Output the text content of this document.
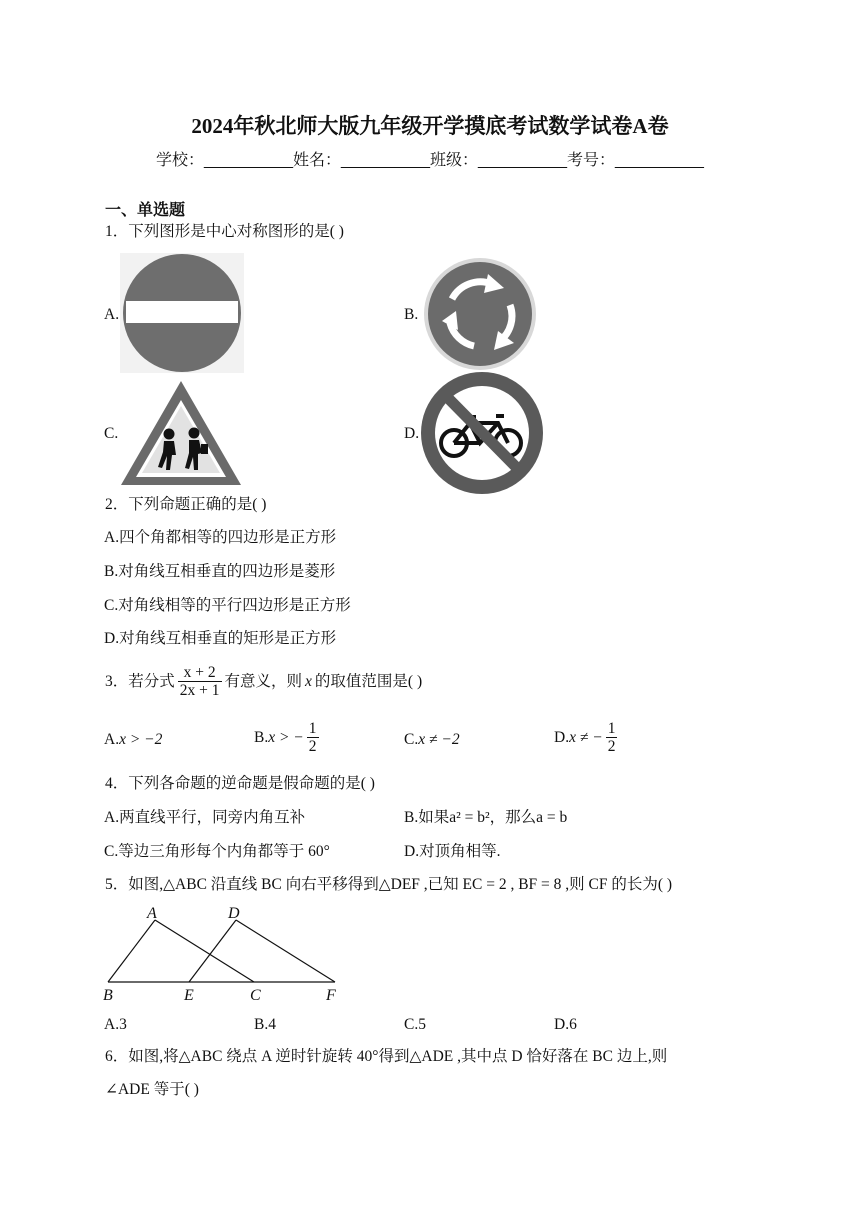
2024年秋北师大版九年级开学摸底考试数学试卷A卷
学校：__________姓名：__________班级：__________考号：__________
一、单选题
1．下列图形是中心对称图形的是( )
A.	B.
C.	D.
2．下列命题正确的是( )
A.四个角都相等的四边形是正方形
B.对角线互相垂直的四边形是菱形
C.对角线相等的平行四边形是正方形
D.对角线互相垂直的矩形是正方形
3．若分式 $\frac{x + 2}{2x + 1}$ 有意义，则 x 的取值范围是( )
A.x > −2	B. x > − $\frac{1}{2}$	C.x ≠ −2	D. x ≠ − $\frac{1}{2}$
4．下列各命题的逆命题是假命题的是( )
A.两直线平行，同旁内角互补	B.如果a² = b²，那么a = b
C.等边三角形每个内角都等于 60°	D.对顶角相等.
5．如图,△ABC 沿直线 BC 向右平移得到△DEF ,已知 EC = 2 , BF = 8 ,则 CF 的长为( )
A	D
B	E	C	F
A.3	B.4	C.5	D.6
6．如图,将△ABC 绕点 A 逆时针旋转 40°得到△ADE ,其中点 D 恰好落在 BC 边上,则
∠ADE 等于( )
